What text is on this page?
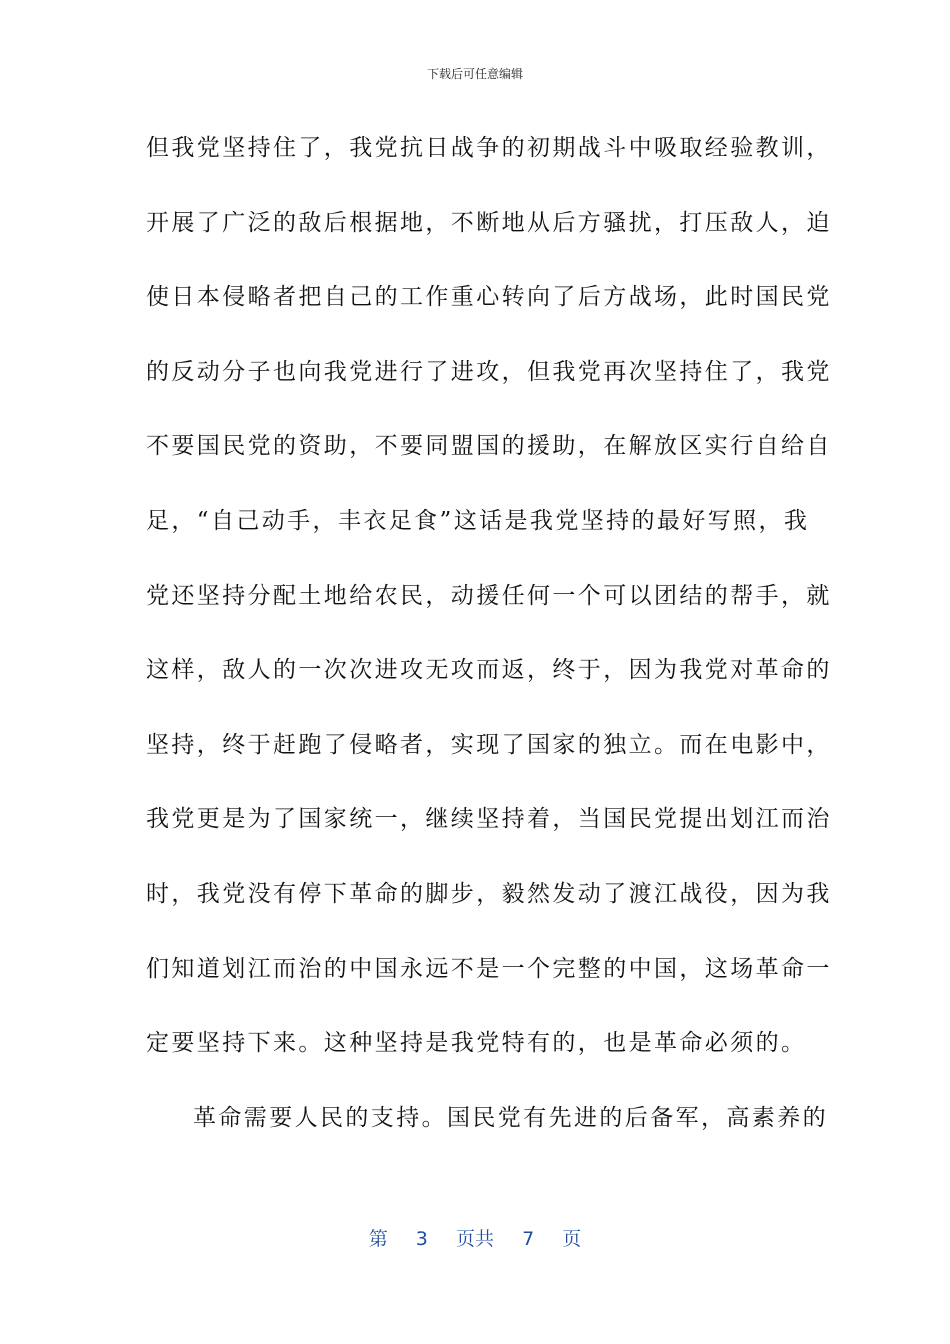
下载后可任意编辑
但我党坚持住了，我党抗日战争的初期战斗中吸取经验教训，
开展了广泛的敌后根据地，不断地从后方骚扰，打压敌人，迫
使日本侵略者把自己的工作重心转向了后方战场，此时国民党
的反动分子也向我党进行了进攻，但我党再次坚持住了，我党
不要国民党的资助，不要同盟国的援助，在解放区实行自给自
足，“自己动手，丰衣足食”这话是我党坚持的最好写照，我
党还坚持分配土地给农民，动援任何一个可以团结的帮手，就
这样，敌人的一次次进攻无攻而返，终于，因为我党对革命的
坚持，终于赶跑了侵略者，实现了国家的独立。而在电影中，
我党更是为了国家统一，继续坚持着，当国民党提出划江而治
时，我党没有停下革命的脚步，毅然发动了渡江战役，因为我
们知道划江而治的中国永远不是一个完整的中国，这场革命一
定要坚持下来。这种坚持是我党特有的，也是革命必须的。
革命需要人民的支持。国民党有先进的后备军，高素养的
第 3 页共 7 页
